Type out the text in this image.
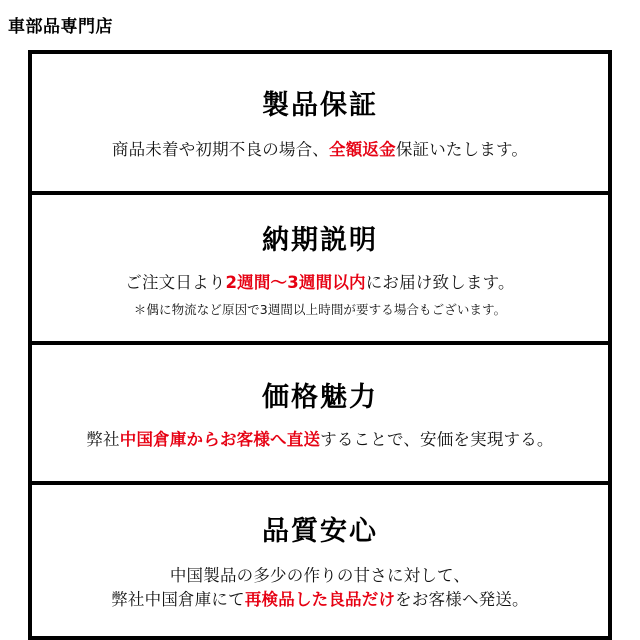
車部品専門店
製品保証
商品未着や初期不良の場合、全額返金保証いたします。
納期説明
ご注文日より2週間～3週間以内にお届け致します。
＊偶に物流など原因で3週間以上時間が要する場合もございます。
価格魅力
弊社中国倉庫からお客様へ直送することで、安価を実現する。
品質安心
中国製品の多少の作りの甘さに対して、
弊社中国倉庫にて再検品した良品だけをお客様へ発送。
